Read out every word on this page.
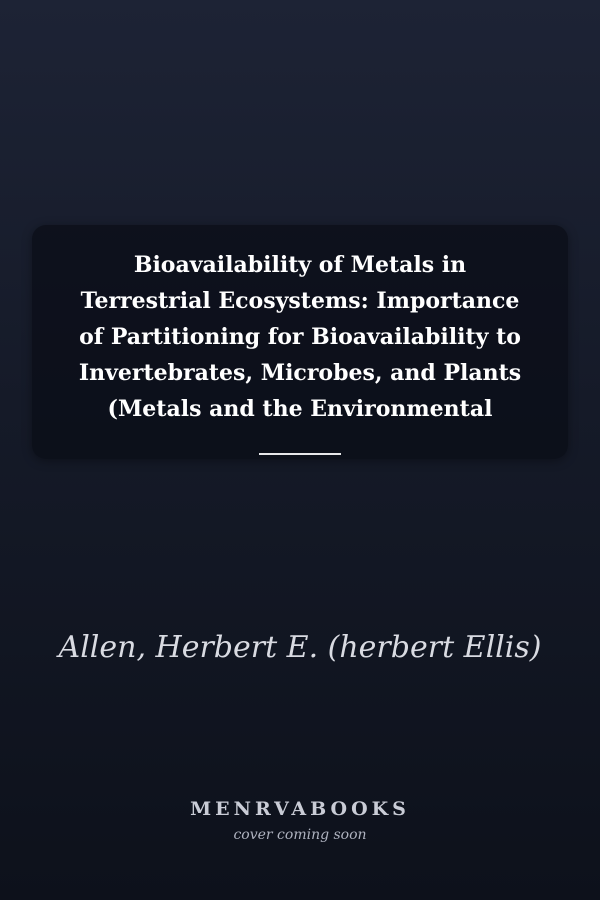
Bioavailability of Metals in
Terrestrial Ecosystems: Importance
of Partitioning for Bioavailability to
Invertebrates, Microbes, and Plants
(Metals and the Environmental
Allen, Herbert E. (herbert Ellis)
MENRVABOOKS
cover coming soon
